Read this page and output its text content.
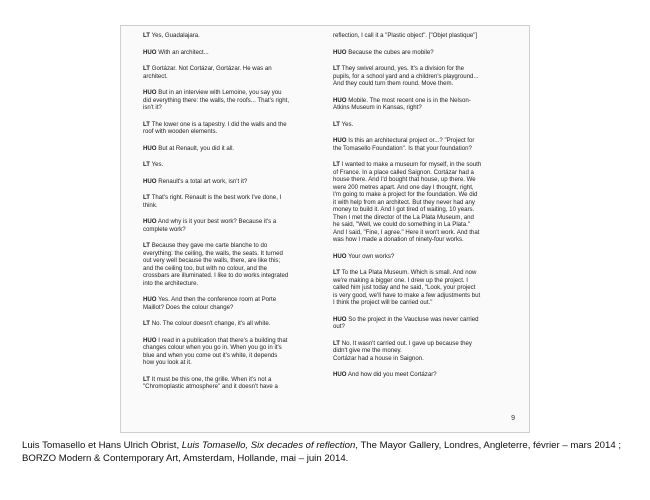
LT Yes, Guadalajara.

HUO With an architect...

LT Gortázar. Not Cortázar, Gortázar. He was an
architect.

HUO But in an interview with Lemoine, you say you
did everything there: the walls, the roofs... That's right,
isn't it?

LT The lower one is a tapestry. I did the walls and the
roof with wooden elements.

HUO But at Renault, you did it all.

LT Yes.

HUO Renault's a total art work, isn't it?

LT That's right. Renault is the best work I've done, I
think.

HUO And why is it your best work? Because it's a
complete work?

LT Because they gave me carte blanche to do
everything: the ceiling, the walls, the seats. It turned
out very well because the walls, there, are like this;
and the ceiling too, but with no colour, and the
crossbars are illuminated. I like to do works integrated
into the architecture.

HUO Yes. And then the conference room at Porte
Maillot? Does the colour change?

LT No. The colour doesn't change, it's all white.

HUO I read in a publication that there's a building that
changes colour when you go in. When you go in it's
blue and when you come out it's white, it depends
how you look at it.

LT It must be this one, the grille. When it's not a
"Chromoplastic atmosphere" and it doesn't have a

reflection, I call it a "Plastic object". ["Objet plastique"]

HUO Because the cubes are mobile?

LT They swivel around, yes. It's a division for the
pupils, for a school yard and a children's playground...
And they could turn them round. Move them.

HUO Mobile. The most recent one is in the Nelson-
Atkins Museum in Kansas, right?

LT Yes.

HUO Is this an architectural project or...? "Project for
the Tomasello Foundation". Is that your foundation?

LT I wanted to make a museum for myself, in the south
of France. In a place called Saignon. Cortázar had a
house there. And I'd bought that house, up there. We
were 200 metres apart. And one day I thought, right,
I'm going to make a project for the foundation. We did
it with help from an architect. But they never had any
money to build it. And I got tired of waiting, 10 years.
Then I met the director of the La Plata Museum, and
he said, "Well, we could do something in La Plata."
And I said, "Fine, I agree." Here it won't work. And that
was how I made a donation of ninety-four works.

HUO Your own works?

LT To the La Plata Museum. Which is small. And now
we're making a bigger one. I drew up the project. I
called him just today and he said, "Look, your project
is very good, we'll have to make a few adjustments but
I think the project will be carried out."

HUO So the project in the Vaucluse was never carried
out?

LT No. It wasn't carried out. I gave up because they
didn't give me the money.
Cortázar had a house in Saignon.

HUO And how did you meet Cortázar?

9
Luis Tomasello et Hans Ulrich Obrist, Luis Tomasello, Six decades of reflection, The Mayor Gallery, Londres, Angleterre, février – mars 2014 ; BORZO Modern & Contemporary Art, Amsterdam, Hollande, mai – juin 2014.
